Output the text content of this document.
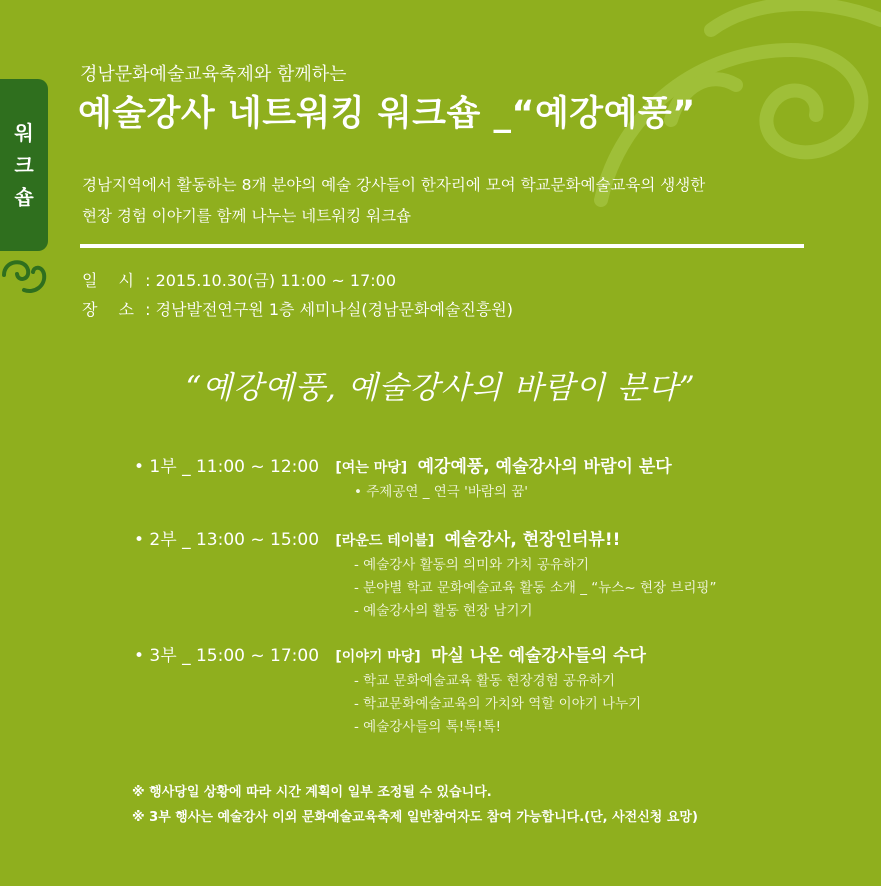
워
크
숍
경남문화예술교육축제와 함께하는
예술강사 네트워킹 워크숍 _“예강예풍”
경남지역에서 활동하는 8개 분야의 예술 강사들이 한자리에 모여 학교문화예술교육의 생생한
현장 경험 이야기를 함께 나누는 네트워킹 워크숍
일 시 : 2015.10.30(금) 11:00 ~ 17:00
장 소 : 경남발전연구원 1층 세미나실(경남문화예술진흥원)
“예강예풍, 예술강사의 바람이 분다”
• 1부 _ 11:00 ~ 12:00 [여는 마당] 예강예풍, 예술강사의 바람이 분다
• 주제공연 _ 연극 '바람의 꿈'
• 2부 _ 13:00 ~ 15:00 [라운드 테이블] 예술강사, 현장인터뷰!!
- 예술강사 활동의 의미와 가치 공유하기
- 분야별 학교 문화예술교육 활동 소개 _ “뉴스~ 현장 브리핑”
- 예술강사의 활동 현장 남기기
• 3부 _ 15:00 ~ 17:00 [이야기 마당] 마실 나온 예술강사들의 수다
- 학교 문화예술교육 활동 현장경험 공유하기
- 학교문화예술교육의 가치와 역할 이야기 나누기
- 예술강사들의 톡!톡!톡!
※ 행사당일 상황에 따라 시간 계획이 일부 조정될 수 있습니다.
※ 3부 행사는 예술강사 이외 문화예술교육축제 일반참여자도 참여 가능합니다.(단, 사전신청 요망)
